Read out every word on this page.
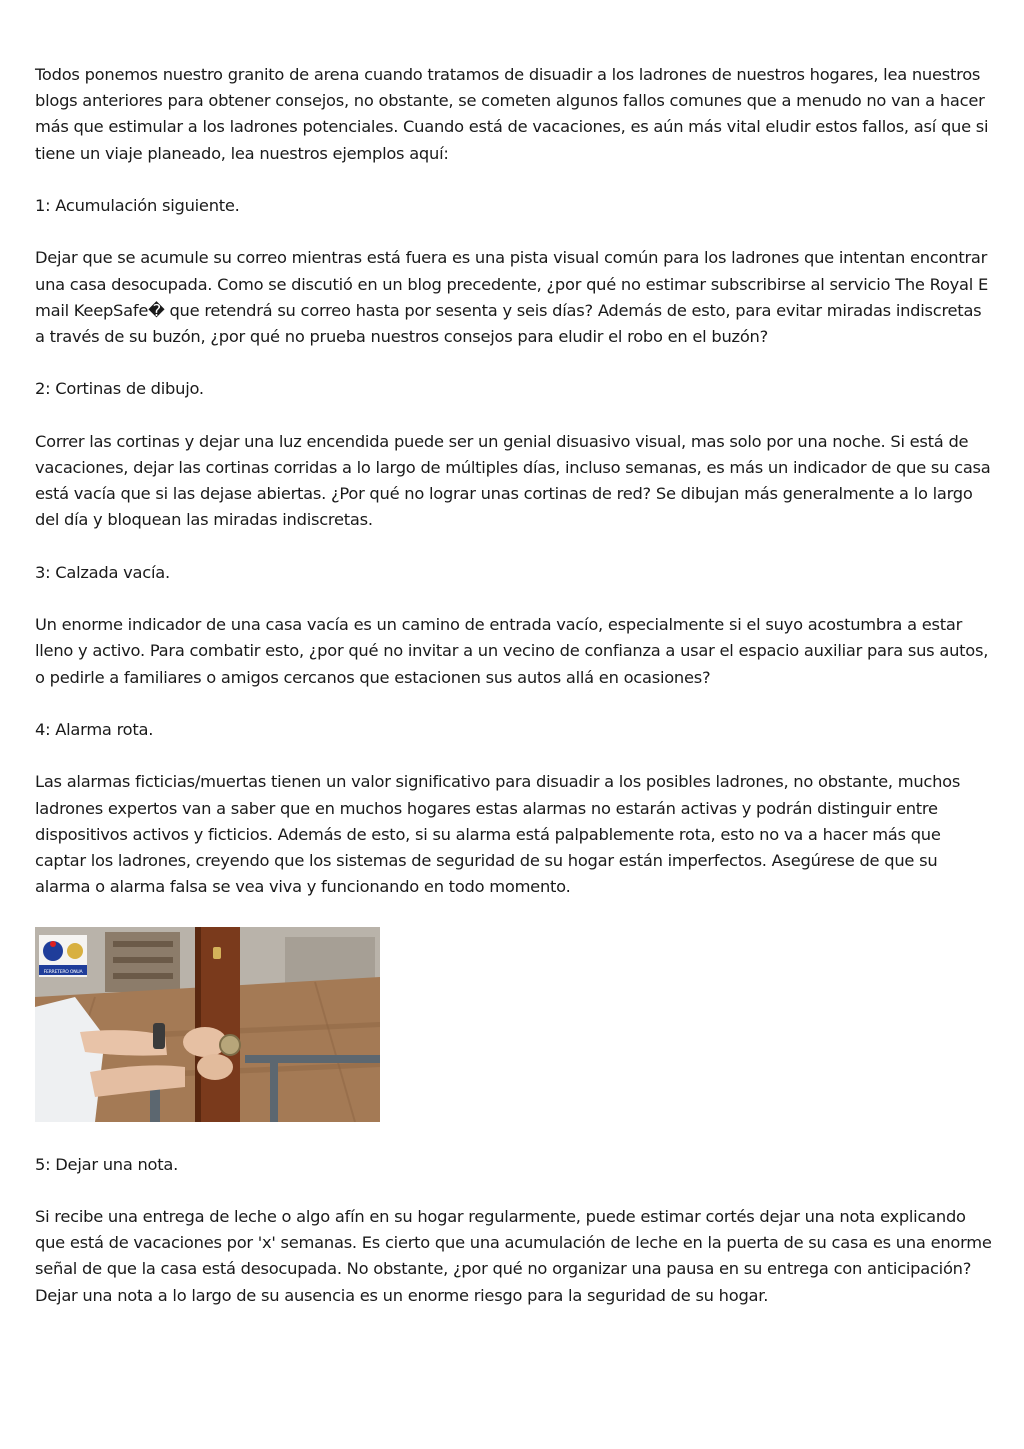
Todos ponemos nuestro granito de arena cuando tratamos de disuadir a los ladrones de nuestros hogares, lea nuestros blogs anteriores para obtener consejos, no obstante, se cometen algunos fallos comunes que a menudo no van a hacer más que estimular a los ladrones potenciales. Cuando está de vacaciones, es aún más vital eludir estos fallos, así que si tiene un viaje planeado, lea nuestros ejemplos aquí:

1: Acumulación siguiente.

Dejar que se acumule su correo mientras está fuera es una pista visual común para los ladrones que intentan encontrar una casa desocupada. Como se discutió en un blog precedente, ¿por qué no estimar subscribirse al servicio The Royal E mail KeepSafe� que retendrá su correo hasta por sesenta y seis días? Además de esto, para evitar miradas indiscretas a través de su buzón, ¿por qué no prueba nuestros consejos para eludir el robo en el buzón?

2: Cortinas de dibujo.

Correr las cortinas y dejar una luz encendida puede ser un genial disuasivo visual, mas solo por una noche. Si está de vacaciones, dejar las cortinas corridas a lo largo de múltiples días, incluso semanas, es más un indicador de que su casa está vacía que si las dejase abiertas. ¿Por qué no lograr unas cortinas de red? Se dibujan más generalmente a lo largo del día y bloquean las miradas indiscretas.

3: Calzada vacía.

Un enorme indicador de una casa vacía es un camino de entrada vacío, especialmente si el suyo acostumbra a estar lleno y activo. Para combatir esto, ¿por qué no invitar a un vecino de confianza a usar el espacio auxiliar para sus autos, o pedirle a familiares o amigos cercanos que estacionen sus autos allá en ocasiones?

4: Alarma rota.

Las alarmas ficticias/muertas tienen un valor significativo para disuadir a los posibles ladrones, no obstante, muchos ladrones expertos van a saber que en muchos hogares estas alarmas no estarán activas y podrán distinguir entre dispositivos activos y ficticios. Además de esto, si su alarma está palpablemente rota, esto no va a hacer más que captar los ladrones, creyendo que los sistemas de seguridad de su hogar están imperfectos. Asegúrese de que su alarma o alarma falsa se vea viva y funcionando en todo momento.

FERRETERO ONUA

5: Dejar una nota.

Si recibe una entrega de leche o algo afín en su hogar regularmente, puede estimar cortés dejar una nota explicando que está de vacaciones por 'x' semanas. Es cierto que una acumulación de leche en la puerta de su casa es una enorme señal de que la casa está desocupada. No obstante, ¿por qué no organizar una pausa en su entrega con anticipación? Dejar una nota a lo largo de su ausencia es un enorme riesgo para la seguridad de su hogar.
